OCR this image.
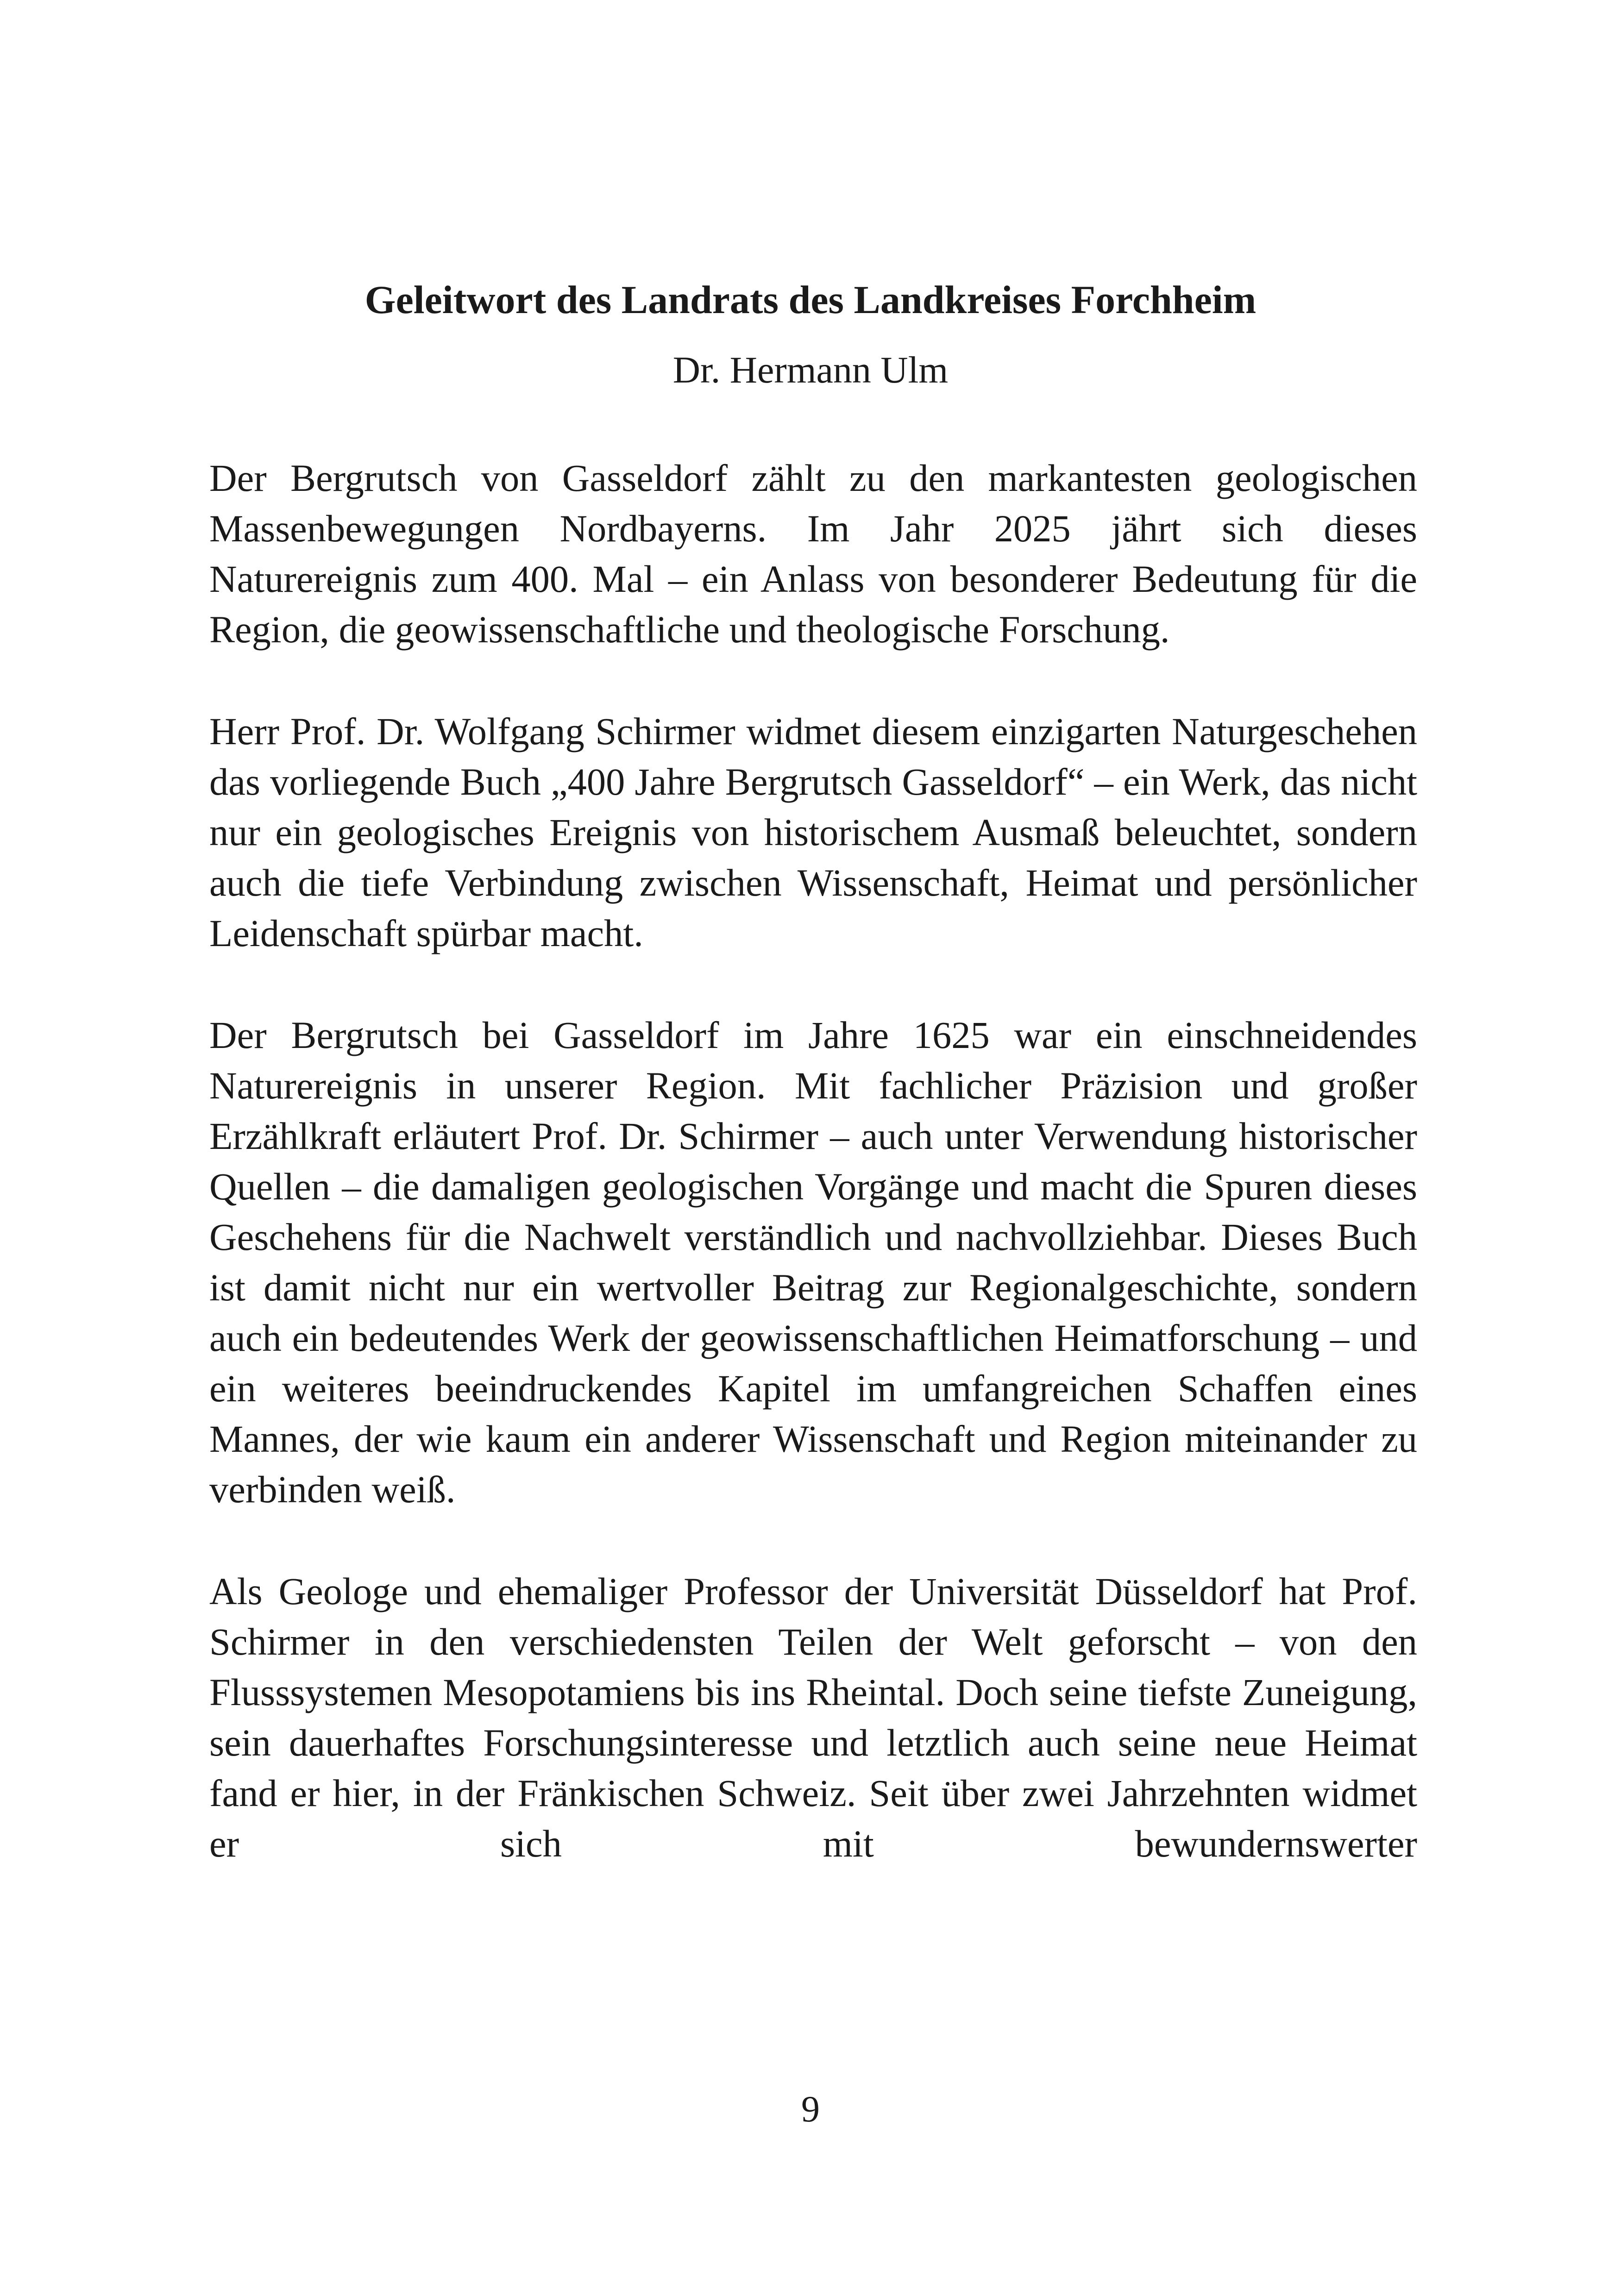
Geleitwort des Landrats des Landkreises Forchheim

Dr. Hermann Ulm

Der Bergrutsch von Gasseldorf zählt zu den markantesten geologischen Massenbewegungen Nordbayerns. Im Jahr 2025 jährt sich dieses Naturereignis zum 400. Mal – ein Anlass von besonderer Bedeutung für die Region, die geowissenschaftliche und theologische Forschung.

Herr Prof. Dr. Wolfgang Schirmer widmet diesem einzigarten Naturgeschehen das vorliegende Buch „400 Jahre Bergrutsch Gasseldorf“ – ein Werk, das nicht nur ein geologisches Ereignis von historischem Ausmaß beleuchtet, sondern auch die tiefe Verbindung zwischen Wissenschaft, Heimat und persönlicher Leidenschaft spürbar macht.

Der Bergrutsch bei Gasseldorf im Jahre 1625 war ein einschneidendes Naturereignis in unserer Region. Mit fachlicher Präzision und großer Erzählkraft erläutert Prof. Dr. Schirmer – auch unter Verwendung historischer Quellen – die damaligen geologischen Vorgänge und macht die Spuren dieses Geschehens für die Nachwelt verständlich und nachvollziehbar. Dieses Buch ist damit nicht nur ein wertvoller Beitrag zur Regionalgeschichte, sondern auch ein bedeutendes Werk der geowissenschaftlichen Heimatforschung – und ein weiteres beeindruckendes Kapitel im umfangreichen Schaffen eines Mannes, der wie kaum ein anderer Wissenschaft und Region miteinander zu verbinden weiß.

Als Geologe und ehemaliger Professor der Universität Düsseldorf hat Prof. Schirmer in den verschiedensten Teilen der Welt geforscht – von den Flusssystemen Mesopotamiens bis ins Rheintal. Doch seine tiefste Zuneigung, sein dauerhaftes Forschungsinteresse und letztlich auch seine neue Heimat fand er hier, in der Fränkischen Schweiz. Seit über zwei Jahrzehnten widmet er sich mit bewundernswerter

9
